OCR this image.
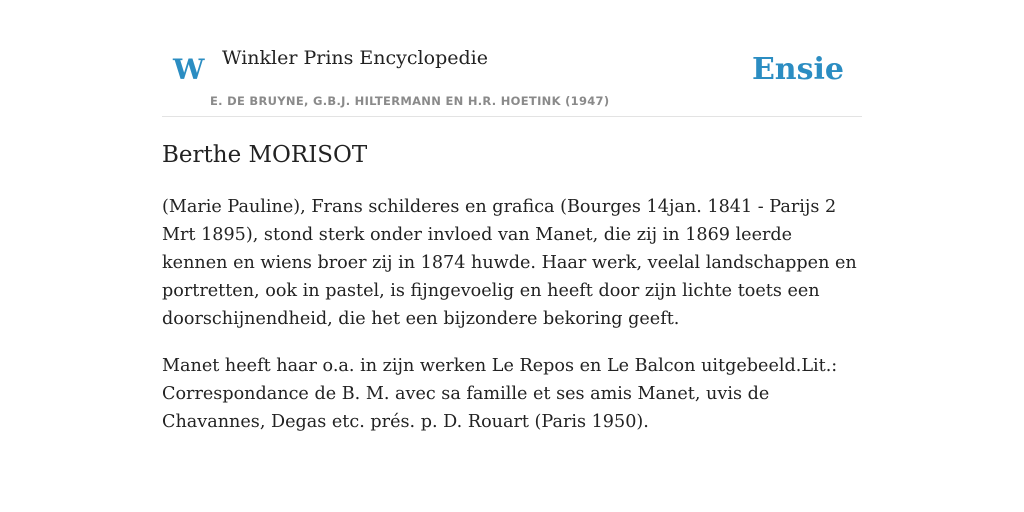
W Winkler Prins Encyclopedie
E. DE BRUYNE, G.B.J. HILTERMANN EN H.R. HOETINK (1947)
Ensie
Berthe MORISOT

(Marie Pauline), Frans schilderes en grafica (Bourges 14jan. 1841 - Parijs 2 Mrt 1895), stond sterk onder invloed van Manet, die zij in 1869 leerde kennen en wiens broer zij in 1874 huwde. Haar werk, veelal landschappen en portretten, ook in pastel, is fijngevoelig en heeft door zijn lichte toets een doorschijnendheid, die het een bijzondere bekoring geeft.

Manet heeft haar o.a. in zijn werken Le Repos en Le Balcon uitgebeeld.Lit.: Correspondance de B. M. avec sa famille et ses amis Manet, uvis de Chavannes, Degas etc. prés. p. D. Rouart (Paris 1950).
